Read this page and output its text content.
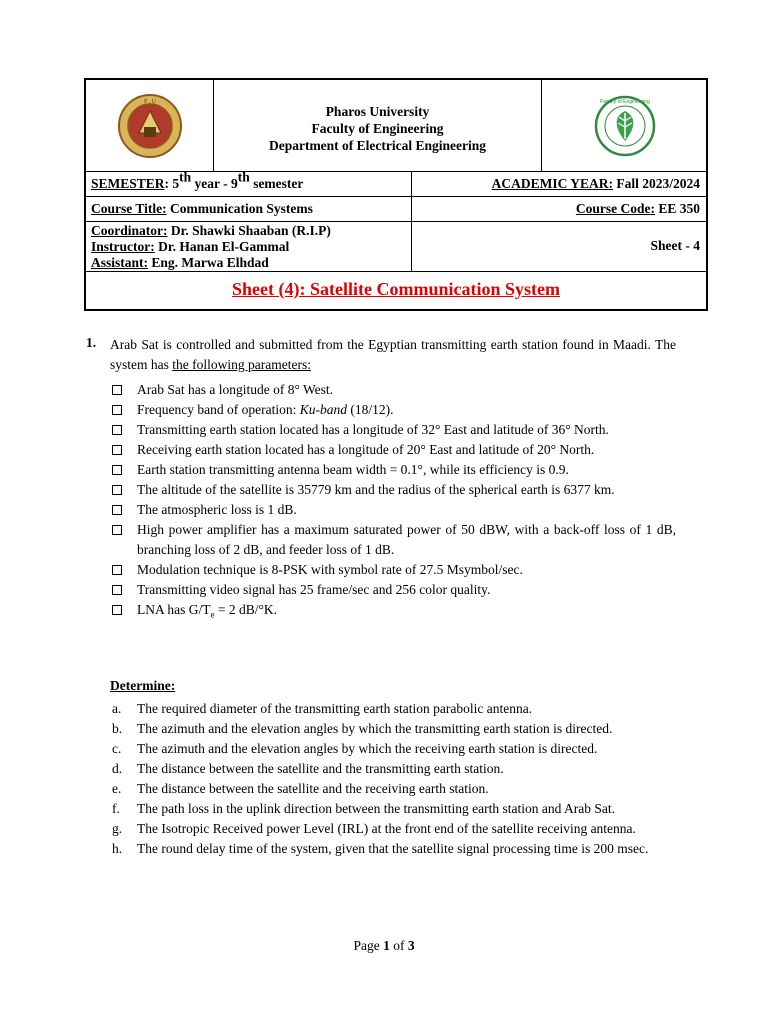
P . U
Pharos University
Faculty of Engineering
Department of Electrical Engineering
Faculty of Engineering
SEMESTER: 5th year - 9th semester	ACADEMIC YEAR: Fall 2023/2024
Course Title: Communication Systems	Course Code: EE 350
Coordinator: Dr. Shawki Shaaban (R.I.P)
Instructor: Dr. Hanan El-Gammal
Assistant: Eng. Marwa Elhdad
Sheet - 4
Sheet (4): Satellite Communication System
1. Arab Sat is controlled and submitted from the Egyptian transmitting earth station found in Maadi. The system has the following parameters:
Arab Sat has a longitude of 8° West.
Frequency band of operation: Ku-band (18/12).
Transmitting earth station located has a longitude of 32° East and latitude of 36° North.
Receiving earth station located has a longitude of 20° East and latitude of 20° North.
Earth station transmitting antenna beam width = 0.1°, while its efficiency is 0.9.
The altitude of the satellite is 35779 km and the radius of the spherical earth is 6377 km.
The atmospheric loss is 1 dB.
High power amplifier has a maximum saturated power of 50 dBW, with a back-off loss of 1 dB, branching loss of 2 dB, and feeder loss of 1 dB.
Modulation technique is 8-PSK with symbol rate of 27.5 Msymbol/sec.
Transmitting video signal has 25 frame/sec and 256 color quality.
LNA has $G/T_e = 2$ dB/°K.
Determine:
a. The required diameter of the transmitting earth station parabolic antenna.
b. The azimuth and the elevation angles by which the transmitting earth station is directed.
c. The azimuth and the elevation angles by which the receiving earth station is directed.
d. The distance between the satellite and the transmitting earth station.
e. The distance between the satellite and the receiving earth station.
f. The path loss in the uplink direction between the transmitting earth station and Arab Sat.
g. The Isotropic Received power Level (IRL) at the front end of the satellite receiving antenna.
h. The round delay time of the system, given that the satellite signal processing time is 200 msec.
Page 1 of 3
